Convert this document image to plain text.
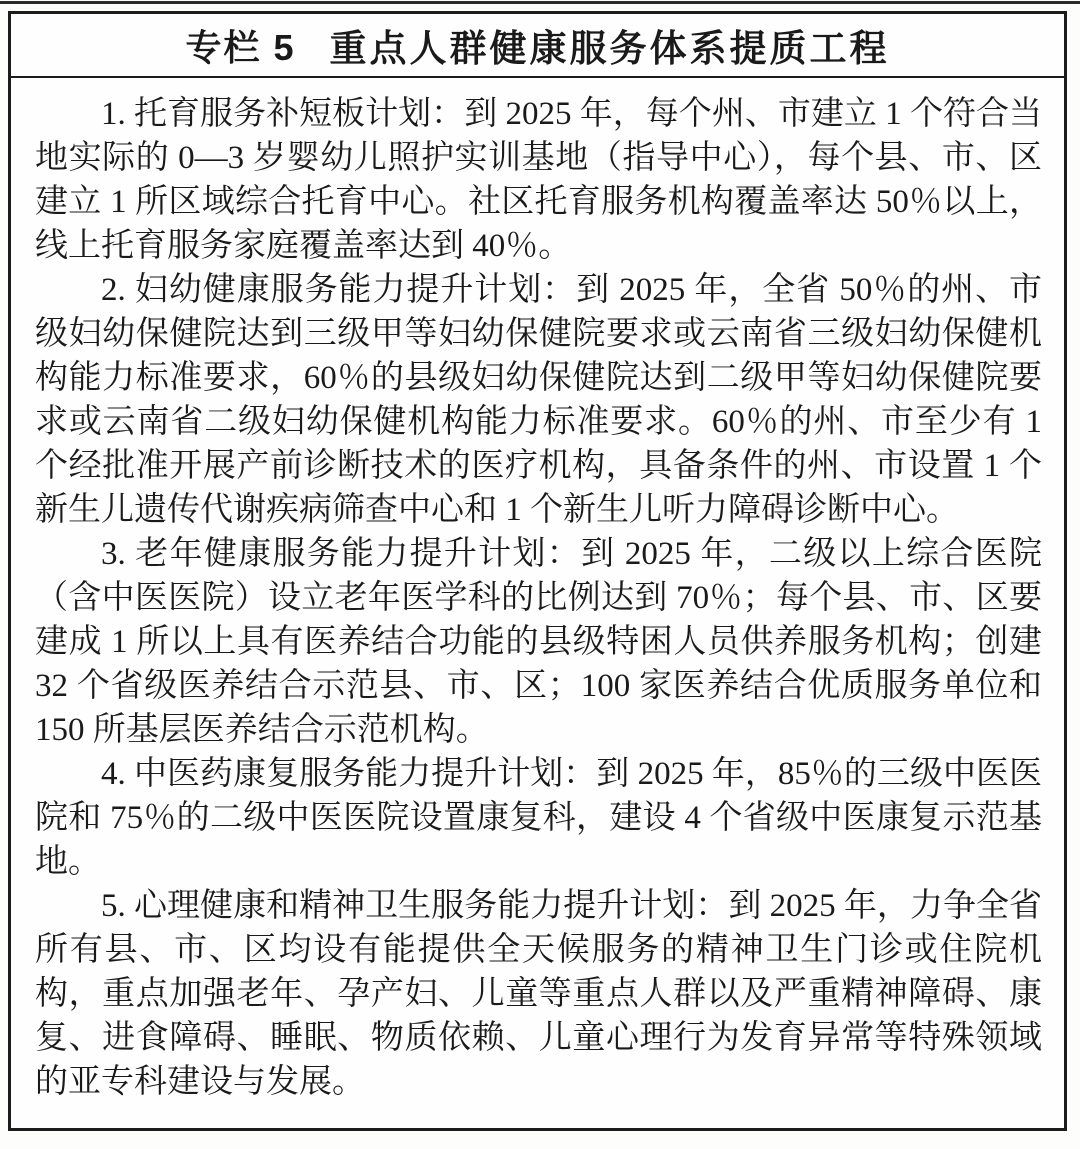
专栏 5 重点人群健康服务体系提质工程

1. 托育服务补短板计划：到 2025 年，每个州、市建立 1 个符合当地实际的 0—3 岁婴幼儿照护实训基地（指导中心），每个县、市、区建立 1 所区域综合托育中心。社区托育服务机构覆盖率达 50％以上，线上托育服务家庭覆盖率达到 40％。

2. 妇幼健康服务能力提升计划：到 2025 年，全省 50％的州、市级妇幼保健院达到三级甲等妇幼保健院要求或云南省三级妇幼保健机构能力标准要求，60％的县级妇幼保健院达到二级甲等妇幼保健院要求或云南省二级妇幼保健机构能力标准要求。60％的州、市至少有 1 个经批准开展产前诊断技术的医疗机构，具备条件的州、市设置 1 个新生儿遗传代谢疾病筛查中心和 1 个新生儿听力障碍诊断中心。

3. 老年健康服务能力提升计划：到 2025 年，二级以上综合医院（含中医医院）设立老年医学科的比例达到 70％；每个县、市、区要建成 1 所以上具有医养结合功能的县级特困人员供养服务机构；创建 32 个省级医养结合示范县、市、区；100 家医养结合优质服务单位和 150 所基层医养结合示范机构。

4. 中医药康复服务能力提升计划：到 2025 年，85％的三级中医医院和 75％的二级中医医院设置康复科，建设 4 个省级中医康复示范基地。

5. 心理健康和精神卫生服务能力提升计划：到 2025 年，力争全省所有县、市、区均设有能提供全天候服务的精神卫生门诊或住院机构，重点加强老年、孕产妇、儿童等重点人群以及严重精神障碍、康复、进食障碍、睡眠、物质依赖、儿童心理行为发育异常等特殊领域的亚专科建设与发展。
